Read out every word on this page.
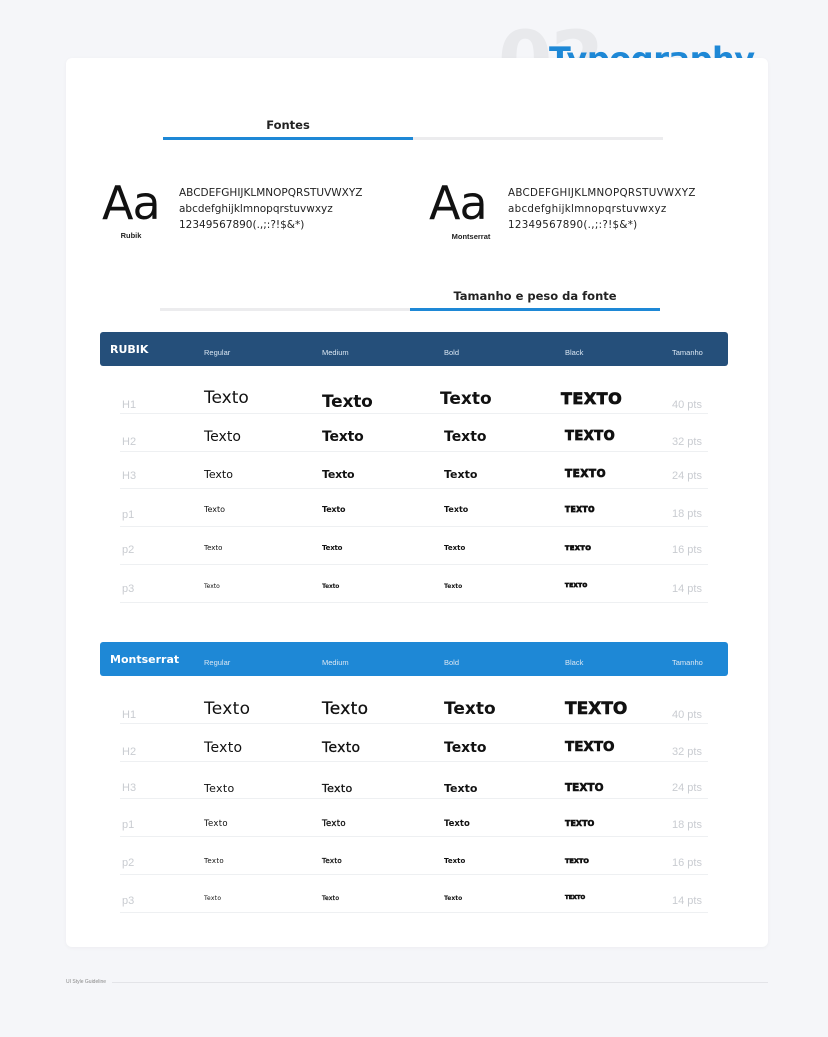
Fontes
Aa
Rubik
ABCDEFGHIJKLMNOPQRSTUVWXYZ
abcdefghijklmnopqrstuvwxyz
12349567890(.,;:?!$&*)	Aa
Montserrat
ABCDEFGHIJKLMNOPQRSTUVWXYZ
abcdefghijklmnopqrstuvwxyz
12349567890(.,;:?!$&*)
Tamanho e peso da fonte
RUBIK	Regular	Medium	Bold	Black	Tamanho
H1	Texto	Texto	Texto	TEXTO	40 pts
H2	Texto	Texto	Texto	TEXTO	32 pts
H3	Texto	Texto	Texto	TEXTO	24 pts
p1	Texto	Texto	Texto	TEXTO	18 pts
p2	Texto	Texto	Texto	TEXTO	16 pts
p3	Texto	Texto	Texto	TEXTO	14 pts
Montserrat	Regular	Medium	Bold	Black	Tamanho
H1	Texto	Texto	Texto	TEXTO	40 pts
H2	Texto	Texto	Texto	TEXTO	32 pts
H3	Texto	Texto	Texto	TEXTO	24 pts
p1	Texto	Texto	Texto	TEXTO	18 pts
p2	Texto	Texto	Texto	TEXTO	16 pts
p3	Texto	Texto	Texto	TEXTO	14 pts
UI Style Guideline
